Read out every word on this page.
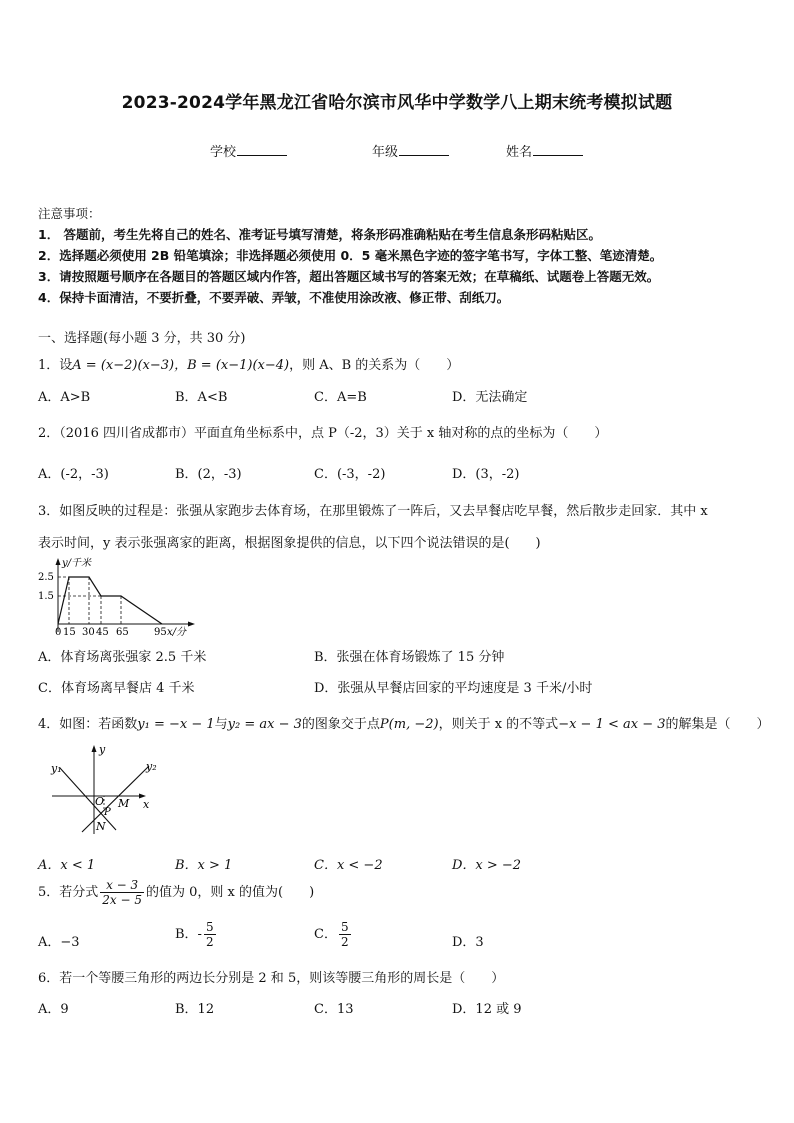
2023-2024学年黑龙江省哈尔滨市风华中学数学八上期末统考模拟试题
学校	年级	姓名
注意事项：
1． 答题前，考生先将自己的姓名、准考证号填写清楚，将条形码准确粘贴在考生信息条形码粘贴区。
2．选择题必须使用 2B 铅笔填涂；非选择题必须使用 0．5 毫米黑色字迹的签字笔书写，字体工整、笔迹清楚。
3．请按照题号顺序在各题目的答题区域内作答，超出答题区域书写的答案无效；在草稿纸、试题卷上答题无效。
4．保持卡面清洁，不要折叠，不要弄破、弄皱，不准使用涂改液、修正带、刮纸刀。
一、选择题(每小题 3 分，共 30 分)
1．设A = (x−2)(x−3)，B = (x−1)(x−4)，则 A、B 的关系为（　　）
A．A>B	B．A<B	C．A=B	D．无法确定
2．（2016 四川省成都市）平面直角坐标系中，点 P（-2，3）关于 x 轴对称的点的坐标为（　　）
A．(-2，-3)	B．(2，-3)	C．(-3，-2)	D．(3，-2)
3．如图反映的过程是：张强从家跑步去体育场，在那里锻炼了一阵后，又去早餐店吃早餐，然后散步走回家．其中 x
表示时间，y 表示张强离家的距离，根据图象提供的信息，以下四个说法错误的是(　　)
y/千米
2.5
1.5
0 15 30 45 65	95 x/分
A．体育场离张强家 2.5 千米	B．张强在体育场锻炼了 15 分钟
C．体育场离早餐店 4 千米	D．张强从早餐店回家的平均速度是 3 千米/小时
4．如图：若函数y₁ = −x − 1与y₂ = ax − 3的图象交于点P(m, −2)，则关于 x 的不等式−x − 1 < ax − 3的解集是（　　）
y₁	y₂
y
O
P
M x
N
A．x < 1	B．x > 1	C．x < −2	D．x > −2
5．若分式 $\frac{x - 3}{2x - 5}$ 的值为 0，则 x 的值为(　　)
A．−3
B．- $\frac{5}{2}$	C． $\frac{5}{2}$	D．3
6．若一个等腰三角形的两边长分别是 2 和 5，则该等腰三角形的周长是（　　）
A．9	B．12	C．13	D．12 或 9
